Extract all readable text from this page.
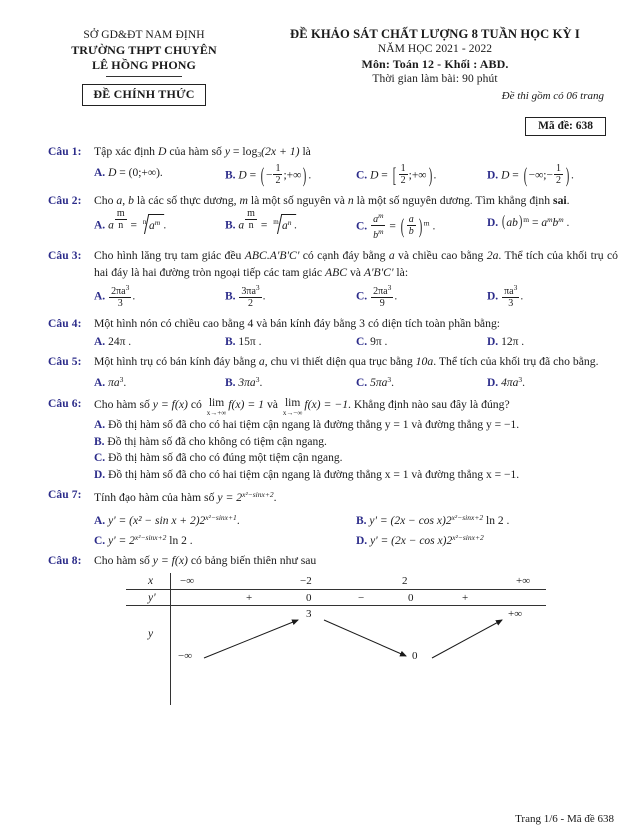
SỞ GD&ĐT NAM ĐỊNH
TRƯỜNG THPT CHUYÊN
LÊ HỒNG PHONG
ĐỀ CHÍNH THỨC
ĐỀ KHẢO SÁT CHẤT LƯỢNG 8 TUẦN HỌC KỲ I
NĂM HỌC 2021 - 2022
Môn: Toán 12 - Khối : ABD.
Thời gian làm bài: 90 phút
Đề thi gồm có 06 trang
Mã đề: 638
Câu 1:	Tập xác định D của hàm số $y = \log_3(2x + 1)$ là
A. D = (0;+∞).	B. D = ( − $\frac{1}{2}$ ;+∞) .	C. D = [ $\frac{1}{2}$ ;+∞) .	D. D = ( −∞;− $\frac{1}{2}$ ) .
Câu 2:	Cho a, b là các số thực dương, m là một số nguyên và n là một số nguyên dương. Tìm khẳng định sai.
A. a $^{\frac{m}{n}}$ = $^n$ $a^m$ .	B. a $^{\frac{m}{n}}$ = $^m$ $a^n$ .	C. $\frac{a^m}{b^m}$ = ( $\frac{a}{b}$ ) $^m$ .	D. $(ab)^m = a^mb^m$ .
Câu 3:	Cho hình lăng trụ tam giác đều ABC.A'B'C' có cạnh đáy bằng a và chiều cao bằng 2a. Thể tích của khối trụ có hai đáy là hai đường tròn ngoại tiếp các tam giác ABC và A'B'C' là:
A. $\frac{2\pi a^3}{3}$ .	B. $\frac{3\pi a^3}{2}$ .	C. $\frac{2\pi a^3}{9}$ .	D. $\frac{\pi a^3}{3}$ .
Câu 4:	Một hình nón có chiều cao bằng 4 và bán kính đáy bằng 3 có diện tích toàn phần bằng:
A. 24π .	B. 15π .	C. 9π .	D. 12π .
Câu 5:	Một hình trụ có bán kính đáy bằng a, chu vi thiết diện qua trục bằng 10a. Thể tích của khối trụ đã cho bằng.
A. $\pi a^3$.	B. $3\pi a^3$.	C. $5\pi a^3$.	D. $4\pi a^3$.
Câu 6:	Cho hàm số y = f(x) có lim
x→+∞
f(x) = 1 và lim
x→−∞
f(x) = −1. Khẳng định nào sau đây là đúng?
A. Đồ thị hàm số đã cho có hai tiệm cận ngang là đường thẳng y = 1 và đường thẳng y = −1.
B. Đồ thị hàm số đã cho không có tiệm cận ngang.
C. Đồ thị hàm số đã cho có đúng một tiệm cận ngang.
D. Đồ thị hàm số đã cho có hai tiệm cận ngang là đường thẳng x = 1 và đường thẳng x = −1.
Câu 7:	Tính đạo hàm của hàm số $y = 2^{x^2-sinx+2}$.
A. $y' = (x^2 - \sin x + 2)2^{x^2-sinx+1}$.	B. $y' = (2x - \cos x)2^{x^2-sinx+2}$ ln 2 .
C. $y' = 2^{x^2-sinx+2}$ ln 2 .	D. $y' = (2x - \cos x)2^{x^2-sinx+2}$
Câu 8:	Cho hàm số y = f(x) có bảng biến thiên như sau
x −∞	−2	2	+∞
y'	+	0	−	0	+
y
−∞
3
0
+∞
Trang 1/6 - Mã đề 638
